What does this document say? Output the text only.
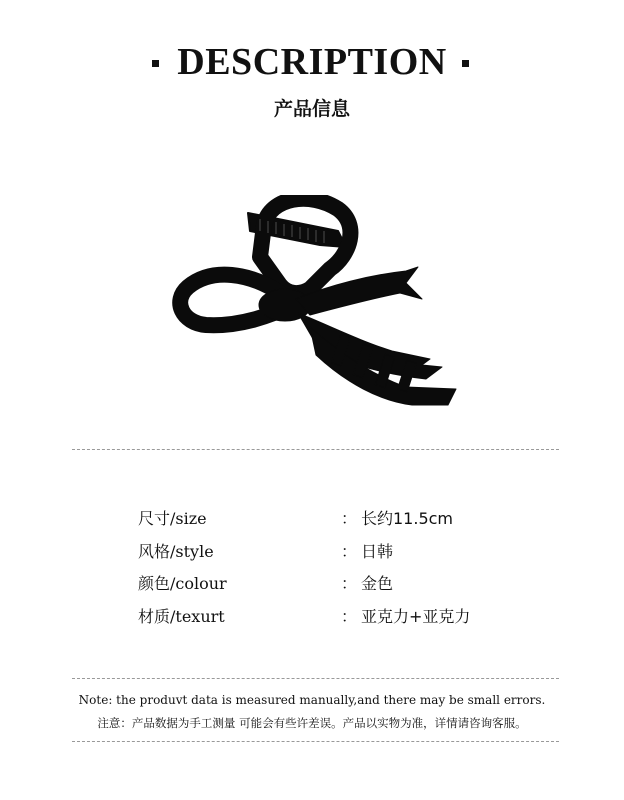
DESCRIPTION
产品信息
尺寸/size	： 长约11.5cm
风格/style	： 日韩
颜色/colour	： 金色
材质/texurt	： 亚克力+亚克力
Note: the produvt data is measured manually,and there may be small errors.
注意：产品数据为手工测量 可能会有些许差误。产品以实物为准，详情请咨询客服。
